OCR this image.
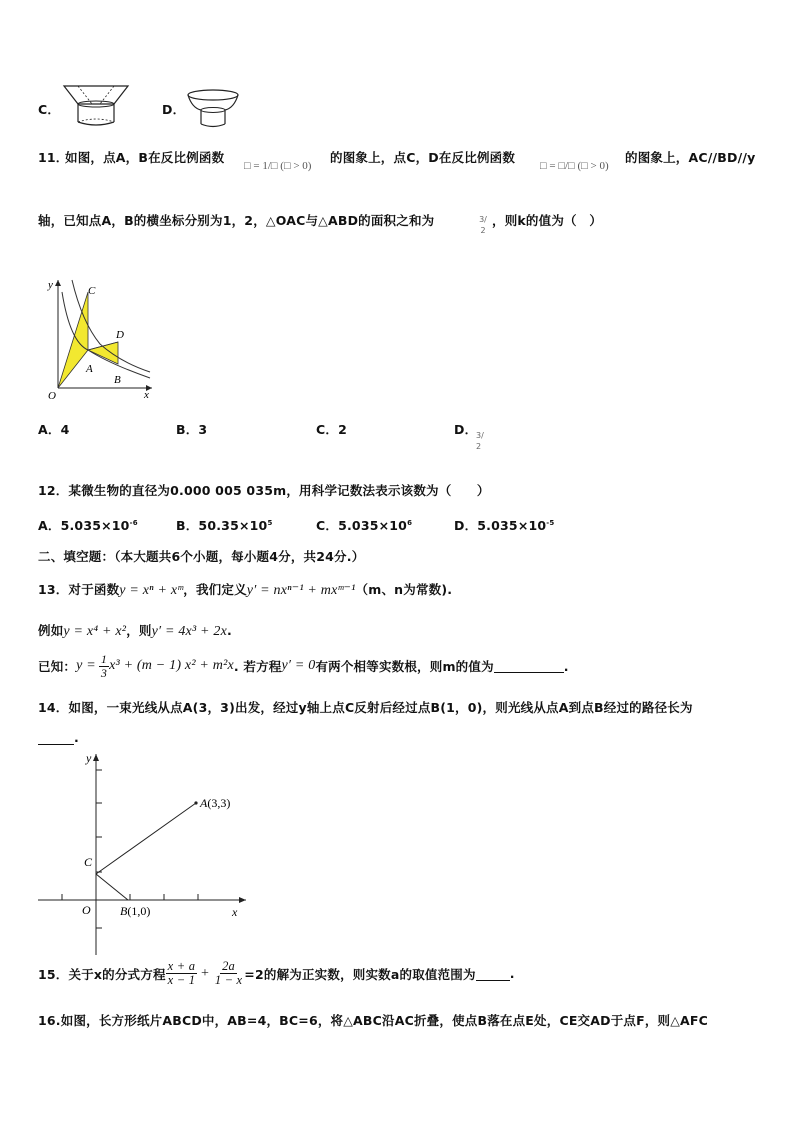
C．	D．
11．
如图，点A，B在反比例函数
□ = 1/□ (□ > 0)
的图象上，点C，D在反比例函数
□ = □/□ (□ > 0)
的图象上，AC//BD//y
轴，已知点A，B的横坐标分别为1，2，△OAC与△ABD的面积之和为	3/2
，则k的值为（　）
y
x
O
C
D
A
B
A．4	B．3	C．2	D．
3/2
12．某微生物的直径为0.000 005 035m，用科学记数法表示该数为（　　）
A．$5.035\times 10^{-6}$	B．$50.35\times 10^5$	C．$5.035\times 10^6$	D．$5.035\times 10^{-5}$
二、填空题：（本大题共6个小题，每小题4分，共24分.）
13．对于函数y = xⁿ + xᵐ，我们定义y′ = nxⁿ⁻¹ + mxᵐ⁻¹（m、n为常数).
例如y = x⁴ + x²，则y′ = 4x³ + 2x.
已知： $y = \frac{1}{3} x^3 + (m - 1) x^2 + m^2x$ . 若方程 y′ = 0 有两个相等实数根，则m的值为	.
14．如图，一束光线从点A(3，3)出发，经过y轴上点C反射后经过点B(1，0)，则光线从点A到点B经过的路径长为
.
y
x
O
C
A(3,3)
B(1,0)
15．关于x的分式方程 $\frac{x + a}{x - 1} + \frac{2a}{1 - x} =2$的解为正实数，则实数a的取值范围为	.
16.如图，长方形纸片ABCD中，AB=4，BC=6，将△ABC沿AC折叠，使点B落在点E处，CE交AD于点F，则△AFC
